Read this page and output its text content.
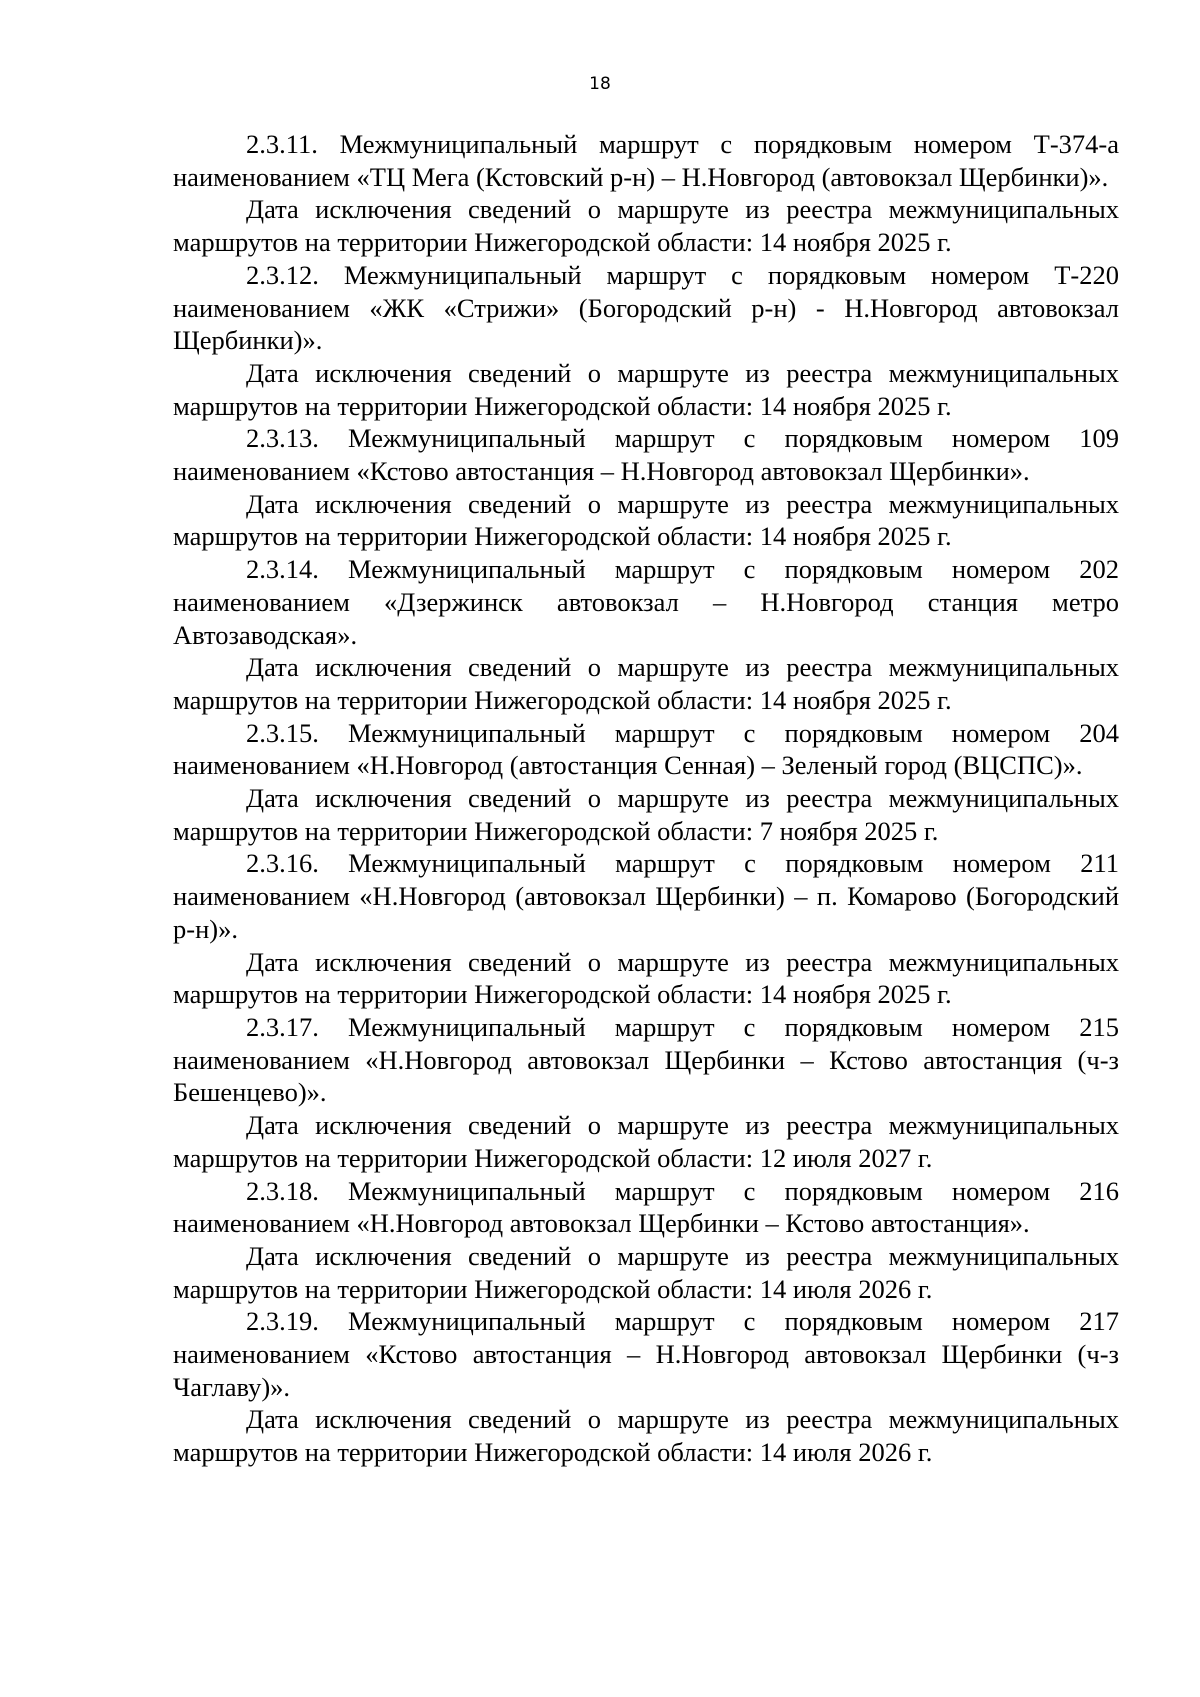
18

2.3.11. Межмуниципальный маршрут с порядковым номером Т-374-а наименованием «ТЦ Мега (Кстовский р-н) – Н.Новгород (автовокзал Щербинки)».

Дата исключения сведений о маршруте из реестра межмуниципальных маршрутов на территории Нижегородской области: 14 ноября 2025 г.

2.3.12. Межмуниципальный маршрут с порядковым номером Т-220 наименованием «ЖК «Стрижи» (Богородский р-н) - Н.Новгород автовокзал Щербинки)».

Дата исключения сведений о маршруте из реестра межмуниципальных маршрутов на территории Нижегородской области: 14 ноября 2025 г.

2.3.13. Межмуниципальный маршрут с порядковым номером 109 наименованием «Кстово автостанция – Н.Новгород автовокзал Щербинки».

Дата исключения сведений о маршруте из реестра межмуниципальных маршрутов на территории Нижегородской области: 14 ноября 2025 г.

2.3.14. Межмуниципальный маршрут с порядковым номером 202 наименованием «Дзержинск автовокзал – Н.Новгород станция метро Автозаводская».

Дата исключения сведений о маршруте из реестра межмуниципальных маршрутов на территории Нижегородской области: 14 ноября 2025 г.

2.3.15. Межмуниципальный маршрут с порядковым номером 204 наименованием «Н.Новгород (автостанция Сенная) – Зеленый город (ВЦСПС)».

Дата исключения сведений о маршруте из реестра межмуниципальных маршрутов на территории Нижегородской области: 7 ноября 2025 г.

2.3.16. Межмуниципальный маршрут с порядковым номером 211 наименованием «Н.Новгород (автовокзал Щербинки) – п. Комарово (Богородский р-н)».

Дата исключения сведений о маршруте из реестра межмуниципальных маршрутов на территории Нижегородской области: 14 ноября 2025 г.

2.3.17. Межмуниципальный маршрут с порядковым номером 215 наименованием «Н.Новгород автовокзал Щербинки – Кстово автостанция (ч-з Бешенцево)».

Дата исключения сведений о маршруте из реестра межмуниципальных маршрутов на территории Нижегородской области: 12 июля 2027 г.

2.3.18. Межмуниципальный маршрут с порядковым номером 216 наименованием «Н.Новгород автовокзал Щербинки – Кстово автостанция».

Дата исключения сведений о маршруте из реестра межмуниципальных маршрутов на территории Нижегородской области: 14 июля 2026 г.

2.3.19. Межмуниципальный маршрут с порядковым номером 217 наименованием «Кстово автостанция – Н.Новгород автовокзал Щербинки (ч-з Чаглаву)».

Дата исключения сведений о маршруте из реестра межмуниципальных маршрутов на территории Нижегородской области: 14 июля 2026 г.
